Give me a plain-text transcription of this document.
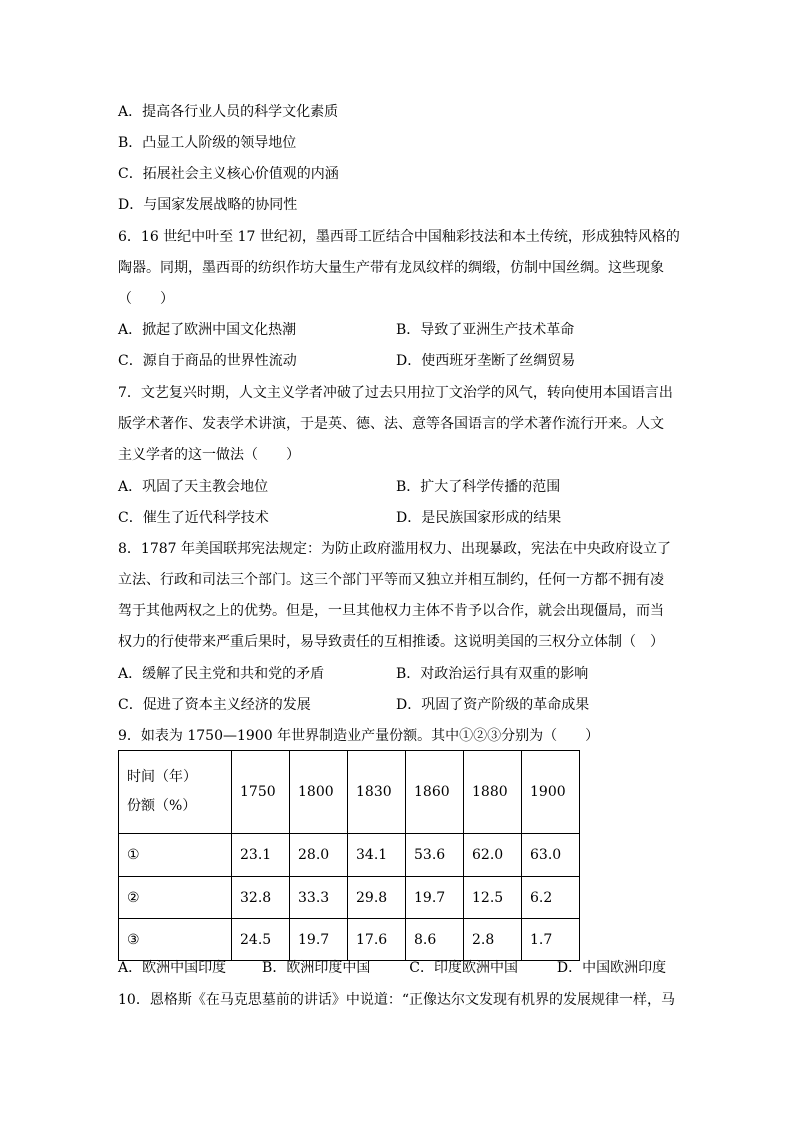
A．提高各行业人员的科学文化素质
B．凸显工人阶级的领导地位
C．拓展社会主义核心价值观的内涵
D．与国家发展战略的协同性
6．16 世纪中叶至 17 世纪初，墨西哥工匠结合中国釉彩技法和本土传统，形成独特风格的
陶器。同期，墨西哥的纺织作坊大量生产带有龙凤纹样的绸缎，仿制中国丝绸。这些现象
（　　）
A．掀起了欧洲中国文化热潮	B．导致了亚洲生产技术革命
C．源自于商品的世界性流动	D．使西班牙垄断了丝绸贸易
7．文艺复兴时期，人文主义学者冲破了过去只用拉丁文治学的风气，转向使用本国语言出
版学术著作、发表学术讲演，于是英、德、法、意等各国语言的学术著作流行开来。人文
主义学者的这一做法（　　）
A．巩固了天主教会地位	B．扩大了科学传播的范围
C．催生了近代科学技术	D．是民族国家形成的结果
8．1787 年美国联邦宪法规定：为防止政府滥用权力、出现暴政，宪法在中央政府设立了
立法、行政和司法三个部门。这三个部门平等而又独立并相互制约，任何一方都不拥有凌
驾于其他两权之上的优势。但是，一旦其他权力主体不肯予以合作，就会出现僵局，而当
权力的行使带来严重后果时，易导致责任的互相推诿。这说明美国的三权分立体制（　）
A．缓解了民主党和共和党的矛盾	B．对政治运行具有双重的影响
C．促进了资本主义经济的发展	D．巩固了资产阶级的革命成果
9．如表为 1750—1900 年世界制造业产量份额。其中①②③分别为（　　）
时间（年）
份额（%）	1750	1800	1830	1860	1880	1900
①	23.1	28.0	34.1	53.6	62.0	63.0
②	32.8	33.3	29.8	19.7	12.5	6.2
③	24.5	19.7	17.6	8.6	2.8	1.7
A．欧洲中国印度	B．欧洲印度中国	C．印度欧洲中国	D．中国欧洲印度
10．恩格斯《在马克思墓前的讲话》中说道：“正像达尔文发现有机界的发展规律一样，马
